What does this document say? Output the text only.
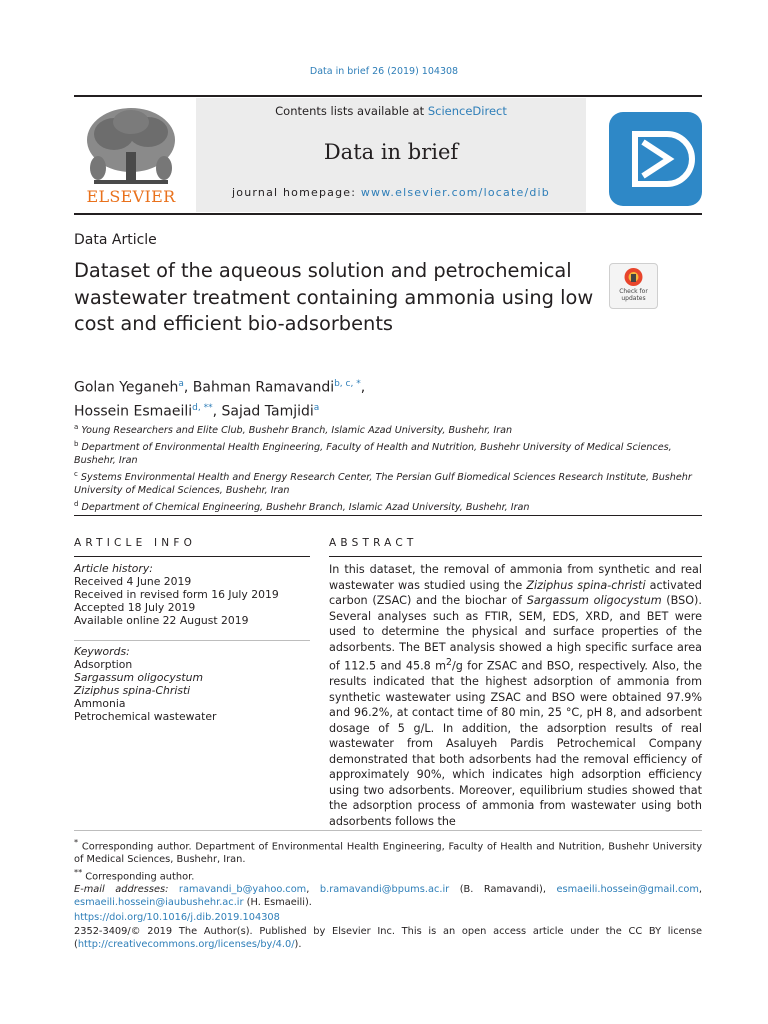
Data in brief 26 (2019) 104308
ELSEVIER
Contents lists available at ScienceDirect
Data in brief
journal homepage: www.elsevier.com/locate/dib
Data Article
Dataset of the aqueous solution and petrochemical wastewater treatment containing ammonia using low cost and efficient bio-adsorbents
Check for updates
Golan Yeganeh$^a$, Bahman Ramavandi$^{b, c, *}$,
Hossein Esmaeili$^{d, **}$, Sajad Tamjidi$^a$
$^a$ Young Researchers and Elite Club, Bushehr Branch, Islamic Azad University, Bushehr, Iran
$^b$ Department of Environmental Health Engineering, Faculty of Health and Nutrition, Bushehr University of Medical Sciences, Bushehr, Iran
$^c$ Systems Environmental Health and Energy Research Center, The Persian Gulf Biomedical Sciences Research Institute, Bushehr University of Medical Sciences, Bushehr, Iran
$^d$ Department of Chemical Engineering, Bushehr Branch, Islamic Azad University, Bushehr, Iran
ARTICLE INFO	ABSTRACT
Article history:
Received 4 June 2019
Received in revised form 16 July 2019
Accepted 18 July 2019
Available online 22 August 2019
Keywords:
Adsorption
Sargassum oligocystum
Ziziphus spina-Christi
Ammonia
Petrochemical wastewater
In this dataset, the removal of ammonia from synthetic and real wastewater was studied using the Ziziphus spina-christi activated carbon (ZSAC) and the biochar of Sargassum oligocystum (BSO). Several analyses such as FTIR, SEM, EDS, XRD, and BET were used to determine the physical and surface properties of the adsorbents. The BET analysis showed a high specific surface area of 112.5 and 45.8 $m^2/g$ for ZSAC and BSO, respectively. Also, the results indicated that the highest adsorption of ammonia from synthetic wastewater using ZSAC and BSO were obtained 97.9% and 96.2%, at contact time of 80 min, 25 °C, pH 8, and adsorbent dosage of 5 g/L. In addition, the adsorption results of real wastewater from Asaluyeh Pardis Petrochemical Company demonstrated that both adsorbents had the removal efficiency of approximately 90%, which indicates high adsorption efficiency using two adsorbents. Moreover, equilibrium studies showed that the adsorption process of ammonia from wastewater using both adsorbents follows the
* Corresponding author. Department of Environmental Health Engineering, Faculty of Health and Nutrition, Bushehr University of Medical Sciences, Bushehr, Iran.
** Corresponding author.
E-mail addresses: ramavandi_b@yahoo.com, b.ramavandi@bpums.ac.ir (B. Ramavandi), esmaeili.hossein@gmail.com, esmaeili.hossein@iaubushehr.ac.ir (H. Esmaeili).
https://doi.org/10.1016/j.dib.2019.104308
2352-3409/© 2019 The Author(s). Published by Elsevier Inc. This is an open access article under the CC BY license (http://creativecommons.org/licenses/by/4.0/).
